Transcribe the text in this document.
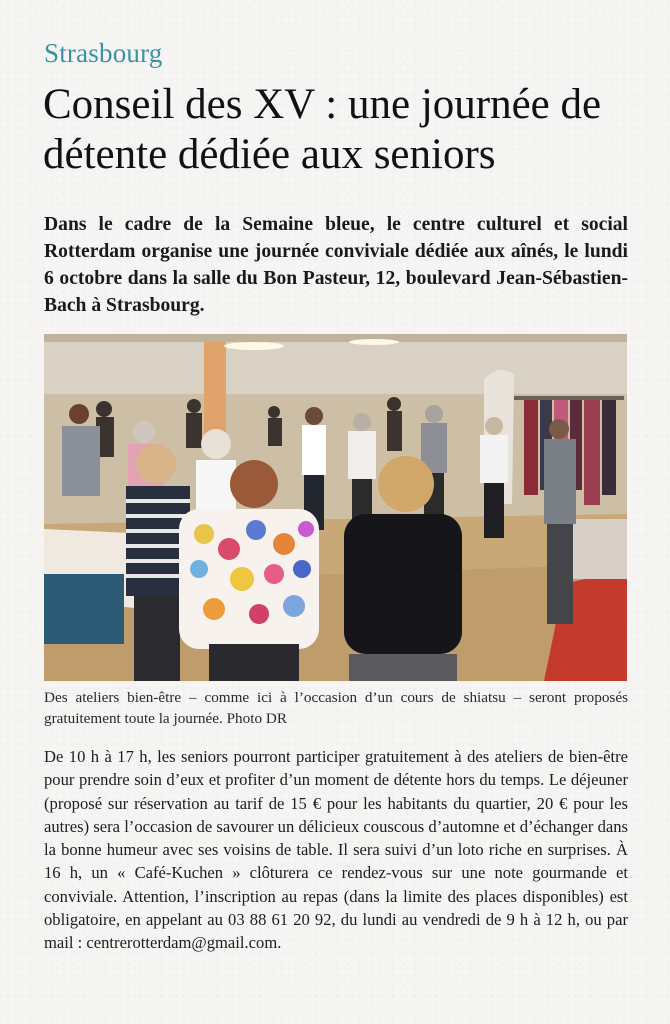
Strasbourg
Conseil des XV : une journée de détente dédiée aux seniors
Dans le cadre de la Semaine bleue, le centre culturel et social Rotterdam organise une journée conviviale dédiée aux aînés, le lundi 6 octobre dans la salle du Bon Pasteur, 12, boulevard Jean-Sébastien-Bach à Strasbourg.
Des ateliers bien-être – comme ici à l’occasion d’un cours de shiatsu – seront proposés gratuitement toute la journée. Photo DR
De 10 h à 17 h, les seniors pourront participer gratuitement à des ateliers de bien-être pour prendre soin d’eux et profiter d’un moment de détente hors du temps. Le déjeuner (proposé sur réservation au tarif de 15 € pour les habitants du quartier, 20 € pour les autres) sera l’occasion de savourer un délicieux couscous d’automne et d’échanger dans la bonne humeur avec ses voisins de table. Il sera suivi d’un loto riche en surprises. À 16 h, un « Café-Kuchen » clôturera ce rendez-vous sur une note gourmande et conviviale. Attention, l’inscription au repas (dans la limite des places disponibles) est obligatoire, en appelant au 03 88 61 20 92, du lundi au vendredi de 9 h à 12 h, ou par mail : centrerotterdam@gmail.com.
